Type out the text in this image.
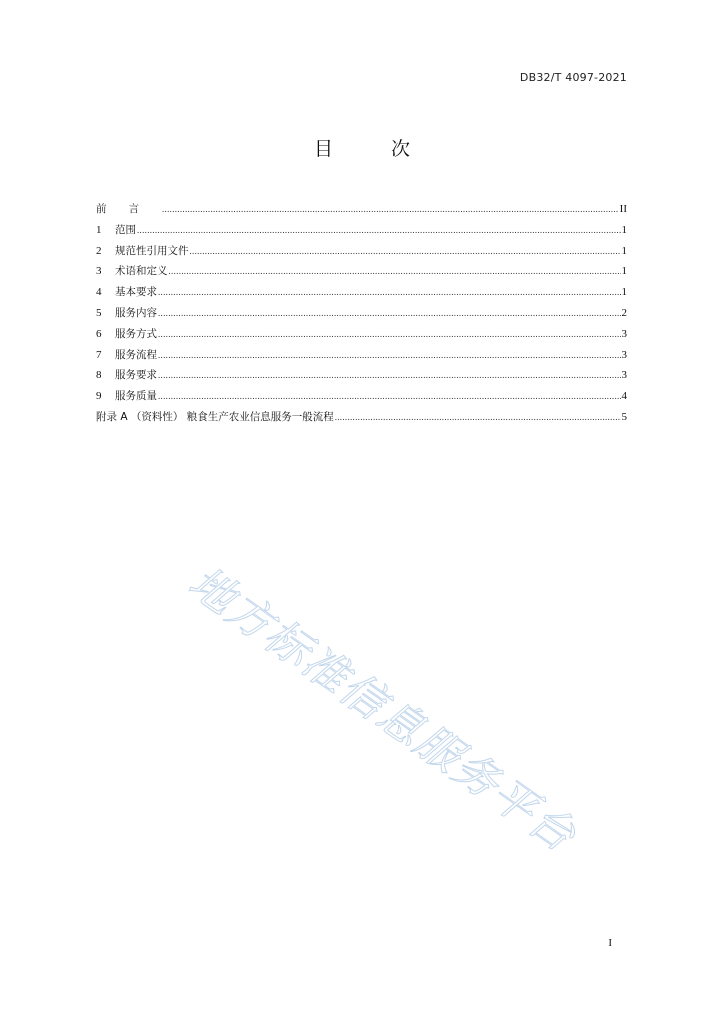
DB32/T 4097-2021
目 次
前言 .....	II
1	范围 .....	1
2	规范性引用文件 .....	1
3	术语和定义 .....	1
4	基本要求 .....	1
5	服务内容 .....	2
6	服务方式 .....	3
7	服务流程 .....	3
8	服务要求 .....	3
9	服务质量 .....	4
附录 A （资料性） 粮食生产农业信息服务一般流程 .....	5
地方标准信息服务平台
I
